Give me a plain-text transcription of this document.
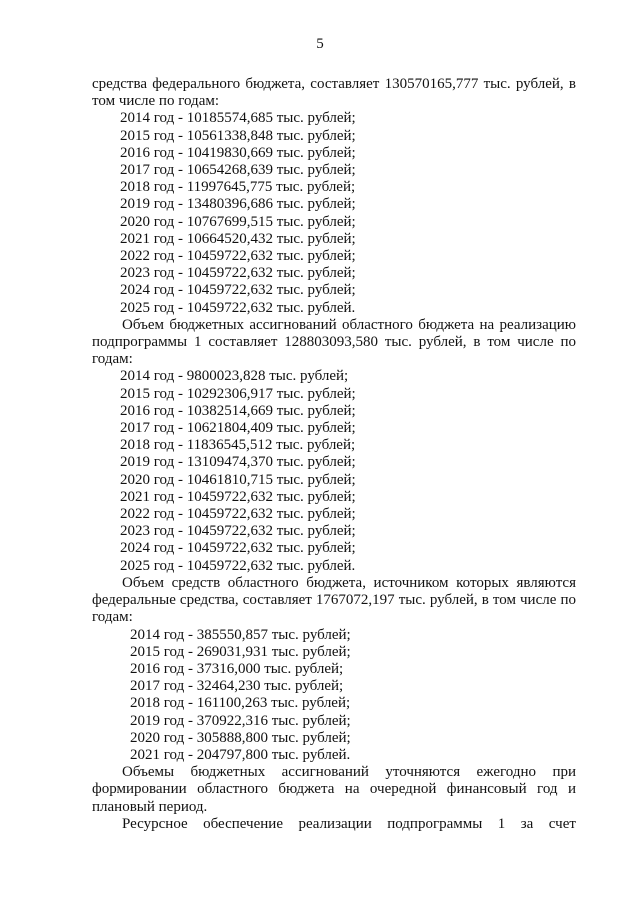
5

средства федерального бюджета, составляет 130570165,777 тыс. рублей, в том числе по годам:

2014 год - 10185574,685 тыс. рублей;
2015 год - 10561338,848 тыс. рублей;
2016 год - 10419830,669 тыс. рублей;
2017 год - 10654268,639 тыс. рублей;
2018 год - 11997645,775 тыс. рублей;
2019 год - 13480396,686 тыс. рублей;
2020 год - 10767699,515 тыс. рублей;
2021 год - 10664520,432 тыс. рублей;
2022 год - 10459722,632 тыс. рублей;
2023 год - 10459722,632 тыс. рублей;
2024 год - 10459722,632 тыс. рублей;
2025 год - 10459722,632 тыс. рублей.

Объем бюджетных ассигнований областного бюджета на реализацию подпрограммы 1 составляет 128803093,580 тыс. рублей, в том числе по годам:

2014 год - 9800023,828 тыс. рублей;
2015 год - 10292306,917 тыс. рублей;
2016 год - 10382514,669 тыс. рублей;
2017 год - 10621804,409 тыс. рублей;
2018 год - 11836545,512 тыс. рублей;
2019 год - 13109474,370 тыс. рублей;
2020 год - 10461810,715 тыс. рублей;
2021 год - 10459722,632 тыс. рублей;
2022 год - 10459722,632 тыс. рублей;
2023 год - 10459722,632 тыс. рублей;
2024 год - 10459722,632 тыс. рублей;
2025 год - 10459722,632 тыс. рублей.

Объем средств областного бюджета, источником которых являются федеральные средства, составляет 1767072,197 тыс. рублей, в том числе по годам:

2014 год - 385550,857 тыс. рублей;
2015 год - 269031,931 тыс. рублей;
2016 год - 37316,000 тыс. рублей;
2017 год - 32464,230 тыс. рублей;
2018 год - 161100,263 тыс. рублей;
2019 год - 370922,316 тыс. рублей;
2020 год - 305888,800 тыс. рублей;
2021 год - 204797,800 тыс. рублей.

Объемы бюджетных ассигнований уточняются ежегодно при формировании областного бюджета на очередной финансовый год и плановый период.

Ресурсное обеспечение реализации подпрограммы 1 за счет
